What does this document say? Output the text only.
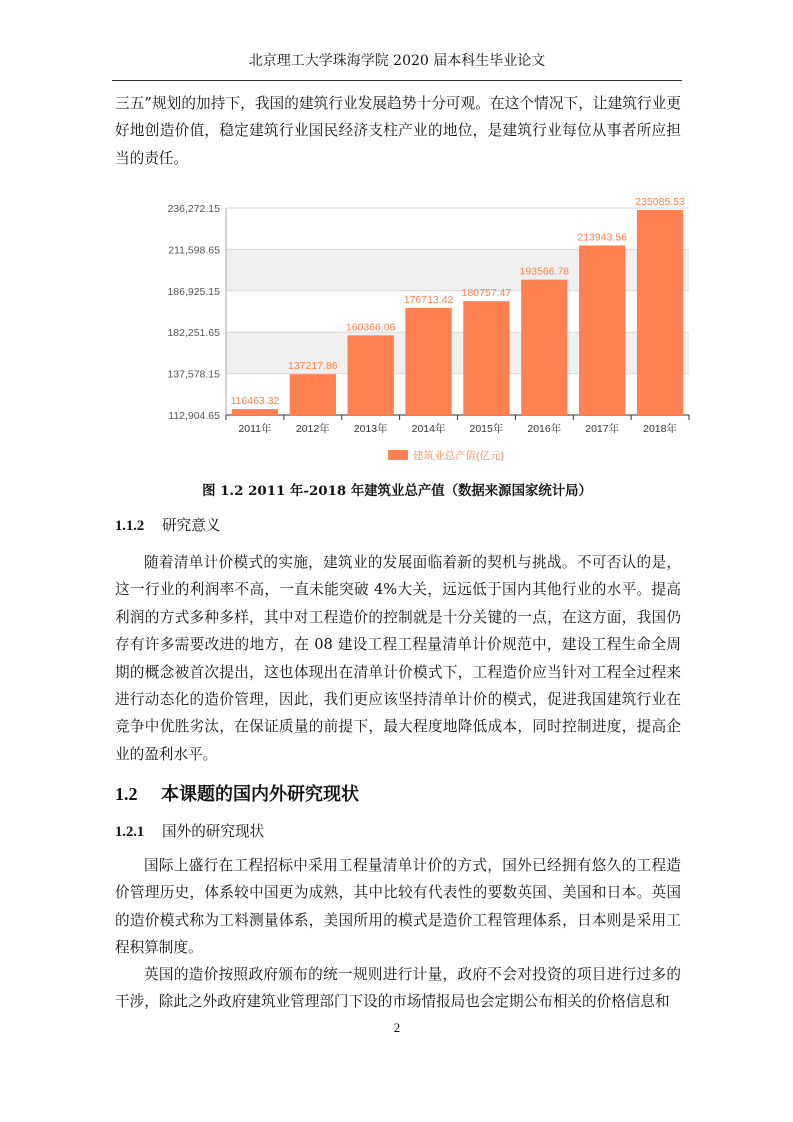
北京理工大学珠海学院 2020 届本科生毕业论文

三五”规划的加持下，我国的建筑行业发展趋势十分可观。在这个情况下，让建筑行业更好地创造价值，稳定建筑行业国民经济支柱产业的地位，是建筑行业每位从事者所应担当的责任。

116463.32
137217.86
160366.06
176713.42
180757.47
193566.78
213943.56
235085.53
112,904.65
137,578.15
182,251.65
186,925.15
211,598.65
236,272.15
2011年 2012年 2013年 2014年 2015年 2016年 2017年 2018年
建筑业总产值(亿元)
图 1.2 2011 年-2018 年建筑业总产值（数据来源国家统计局）
1.1.2 研究意义

随着清单计价模式的实施，建筑业的发展面临着新的契机与挑战。不可否认的是，这一行业的利润率不高，一直未能突破 4%大关，远远低于国内其他行业的水平。提高利润的方式多种多样，其中对工程造价的控制就是十分关键的一点，在这方面，我国仍存有许多需要改进的地方，在 08 建设工程工程量清单计价规范中，建设工程生命全周期的概念被首次提出，这也体现出在清单计价模式下，工程造价应当针对工程全过程来进行动态化的造价管理，因此，我们更应该坚持清单计价的模式，促进我国建筑行业在竞争中优胜劣汰，在保证质量的前提下，最大程度地降低成本，同时控制进度，提高企业的盈利水平。

1.2 本课题的国内外研究现状
1.2.1 国外的研究现状

国际上盛行在工程招标中采用工程量清单计价的方式，国外已经拥有悠久的工程造价管理历史，体系较中国更为成熟，其中比较有代表性的要数英国、美国和日本。英国的造价模式称为工料测量体系，美国所用的模式是造价工程管理体系，日本则是采用工程积算制度。

英国的造价按照政府颁布的统一规则进行计量，政府不会对投资的项目进行过多的干涉，除此之外政府建筑业管理部门下设的市场情报局也会定期公布相关的价格信息和

2
